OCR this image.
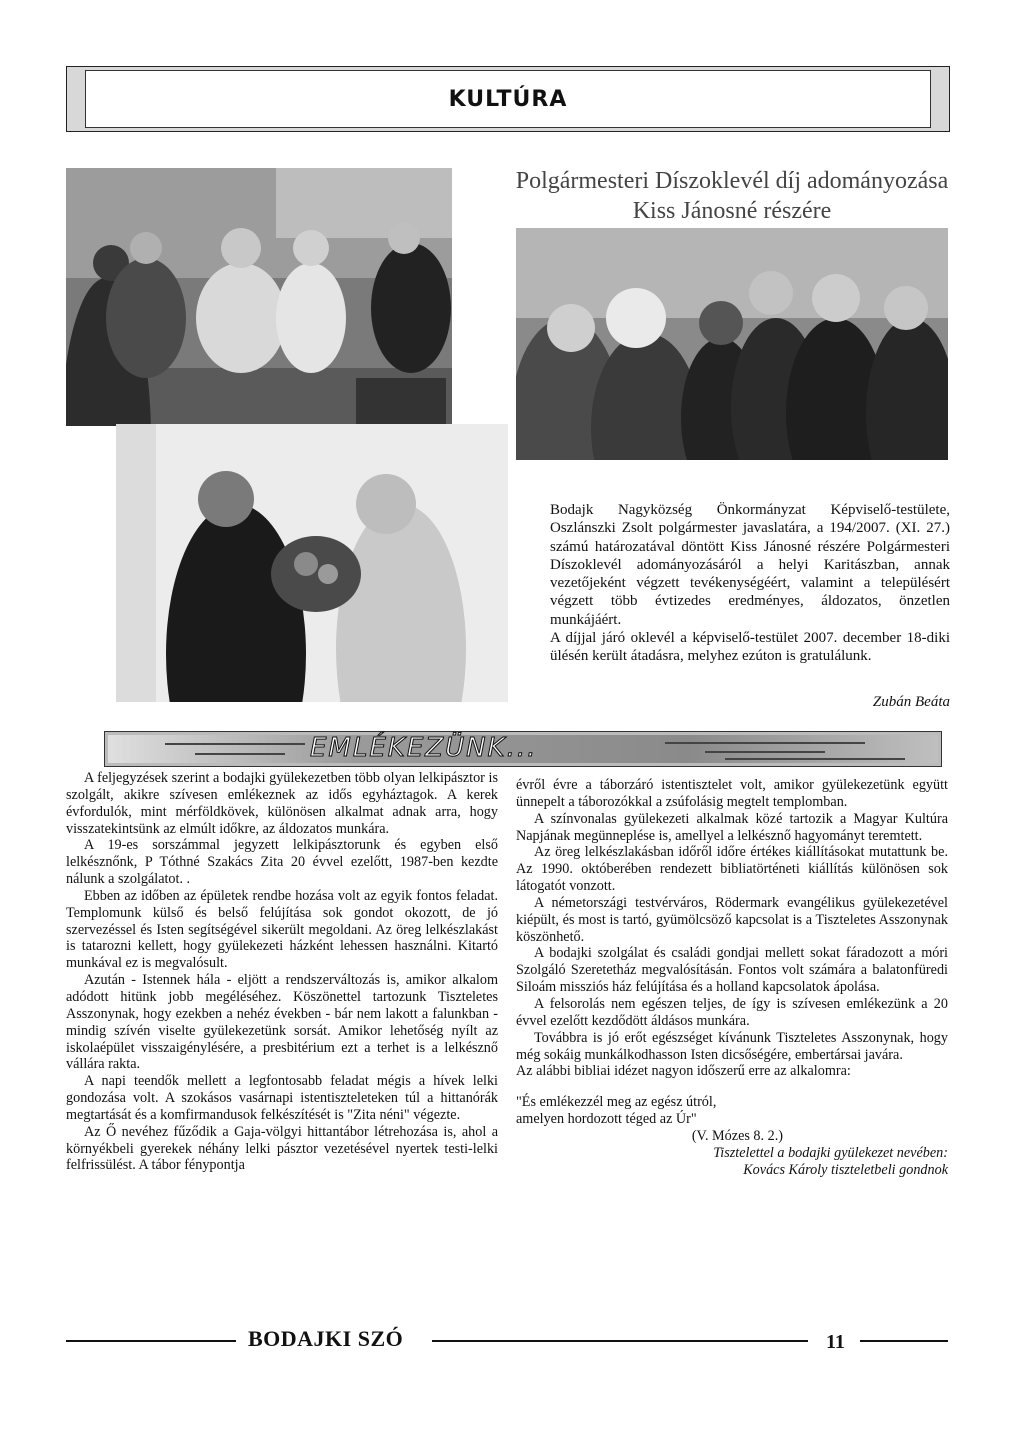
KULTÚRA
Polgármesteri Díszoklevél díj adományozása
Kiss Jánosné részére

Bodajk Nagyközség Önkormányzat Képviselő-testülete, Oszlánszki Zsolt polgármester javaslatára, a 194/2007. (XI. 27.) számú határozatával döntött Kiss Jánosné részére Polgármesteri Díszoklevél adományozásáról a helyi Karitászban, annak vezetőjeként végzett tevékenységéért, valamint a településért végzett több évtizedes eredményes, áldozatos, önzetlen munkájáért.

A díjjal járó oklevél a képviselő-testület 2007. december 18-diki ülésén került átadásra, melyhez ezúton is gratulálunk.

Zubán Beáta
EMLÉKEZÜNK...

A feljegyzések szerint a bodajki gyülekezetben több olyan lelkipásztor is szolgált, akikre szívesen emlékeznek az idős egyháztagok. A kerek évfordulók, mint mérföldkövek, különösen alkalmat adnak arra, hogy visszatekintsünk az elmúlt időkre, az áldozatos munkára.

A 19-es sorszámmal jegyzett lelkipásztorunk és egyben első lelkésznőnk, P Tóthné Szakács Zita 20 évvel ezelőtt, 1987-ben kezdte nálunk a szolgálatot. .

Ebben az időben az épületek rendbe hozása volt az egyik fontos feladat. Templomunk külső és belső felújítása sok gondot okozott, de jó szervezéssel és Isten segítségével sikerült megoldani. Az öreg lelkészlakást is tatarozni kellett, hogy gyülekezeti házként lehessen használni. Kitartó munkával ez is megvalósult.

Azután - Istennek hála - eljött a rendszerváltozás is, amikor alkalom adódott hitünk jobb megéléséhez. Köszönettel tartozunk Tiszteletes Asszonynak, hogy ezekben a nehéz években - bár nem lakott a falunkban - mindig szívén viselte gyülekezetünk sorsát. Amikor lehetőség nyílt az iskolaépület visszaigénylésére, a presbitérium ezt a terhet is a lelkésznő vállára rakta.

A napi teendők mellett a legfontosabb feladat mégis a hívek lelki gondozása volt. A szokásos vasárnapi istentiszteleteken túl a hittanórák megtartását és a komfirmandusok felkészítését is "Zita néni" végezte.

Az Ő nevéhez fűződik a Gaja-völgyi hittantábor létrehozása is, ahol a környékbeli gyerekek néhány lelki pásztor vezetésével nyertek testi-lelki felfrissülést. A tábor fénypontja

évről évre a táborzáró istentisztelet volt, amikor gyülekezetünk együtt ünnepelt a táborozókkal a zsúfolásig megtelt templomban.

A színvonalas gyülekezeti alkalmak közé tartozik a Magyar Kultúra Napjának megünneplése is, amellyel a lelkésznő hagyományt teremtett.

Az öreg lelkészlakásban időről időre értékes kiállításokat mutattunk be. Az 1990. októberében rendezett bibliatörténeti kiállítás különösen sok látogatót vonzott.

A németországi testvérváros, Rödermark evangélikus gyülekezetével kiépült, és most is tartó, gyümölcsöző kapcsolat is a Tiszteletes Asszonynak köszönhető.

A bodajki szolgálat és családi gondjai mellett sokat fáradozott a móri Szolgáló Szeretetház megvalósításán. Fontos volt számára a balatonfüredi Siloám missziós ház felújítása és a holland kapcsolatok ápolása.

A felsorolás nem egészen teljes, de így is szívesen emlékezünk a 20 évvel ezelőtt kezdődött áldásos munkára.

Továbbra is jó erőt egészséget kívánunk Tiszteletes Asszonynak, hogy még sokáig munkálkodhasson Isten dicsőségére, embertársai javára.

Az alábbi bibliai idézet nagyon időszerű erre az alkalomra:

"És emlékezzél meg az egész útról,
amelyen hordozott téged az Úr"
(V. Mózes 8. 2.)
Tisztelettel a bodajki gyülekezet nevében:
Kovács Károly tiszteletbeli gondnok
BODAJKI SZÓ	11
